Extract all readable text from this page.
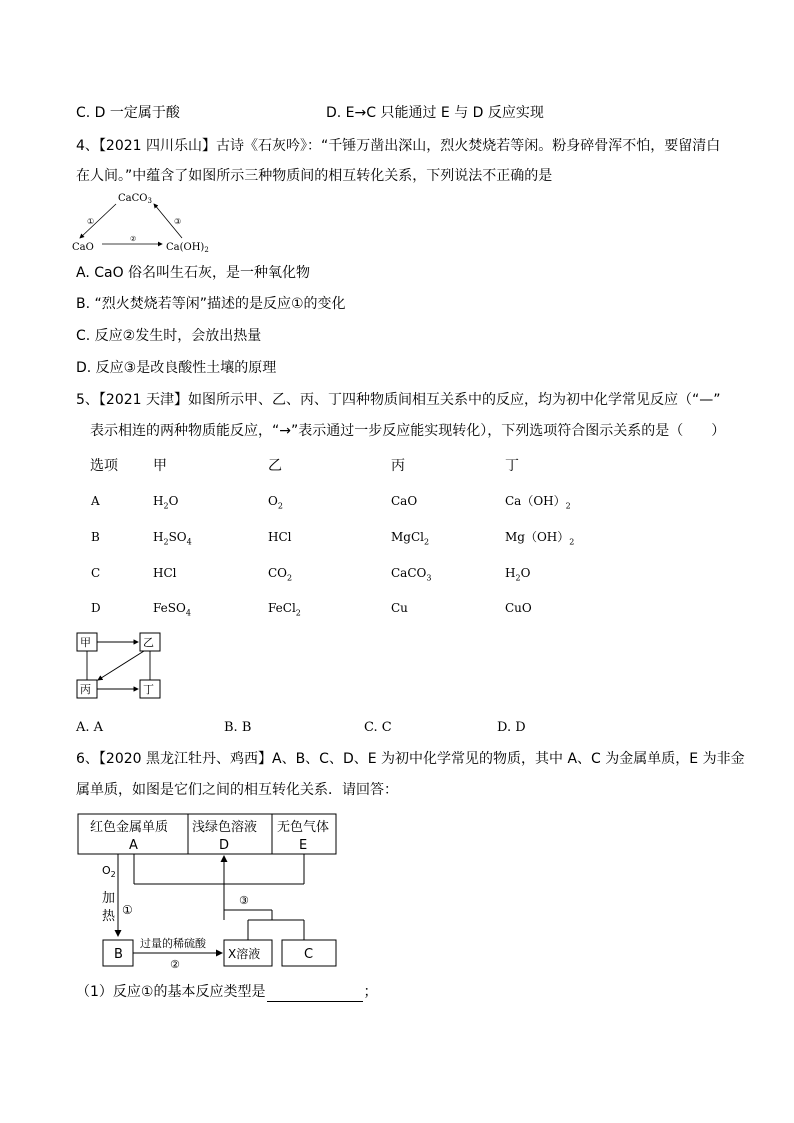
C. D 一定属于酸	D. E→C 只能通过 E 与 D 反应实现
4、【2021 四川乐山】古诗《石灰吟》：“千锤万凿出深山，烈火焚烧若等闲。粉身碎骨浑不怕，要留清白
在人间。”中蕴含了如图所示三种物质间的相互转化关系，下列说法不正确的是
CaCO$_3$
CaO	$Ca(OH)_2$
①	③
②
A. CaO 俗名叫生石灰，是一种氧化物
B. “烈火焚烧若等闲”描述的是反应①的变化
C. 反应②发生时，会放出热量
D. 反应③是改良酸性土壤的原理
5、【2021 天津】如图所示甲、乙、丙、丁四种物质间相互关系中的反应，均为初中化学常见反应（“—”
表示相连的两种物质能反应，“→”表示通过一步反应能实现转化），下列选项符合图示关系的是（　　）
选项	甲	乙	丙	丁
A	$H_2O$	$O_2$	CaO	$Ca(OH)_2$
B	$H_2SO_4$	HCl	MgCl$_2$	$Mg(OH)_2$
C	HCl	$CO_2$	CaCO$_3$	$H_2O$
D	FeSO$_4$	FeCl$_2$	Cu	CuO
甲	乙
丙	丁
A. A	B. B	C. C	D. D
6、【2020 黑龙江牡丹、鸡西】A、B、C、D、E 为初中化学常见的物质，其中 A、C 为金属单质，E 为非金
属单质，如图是它们之间的相互转化关系．请回答：
红色金属单质
A
浅绿色溶液
D
无色气体
E
③
$O_2$
加
热 ①
B
过量的稀硫酸
②
X溶液	C
（1）反应①的基本反应类型是	；
